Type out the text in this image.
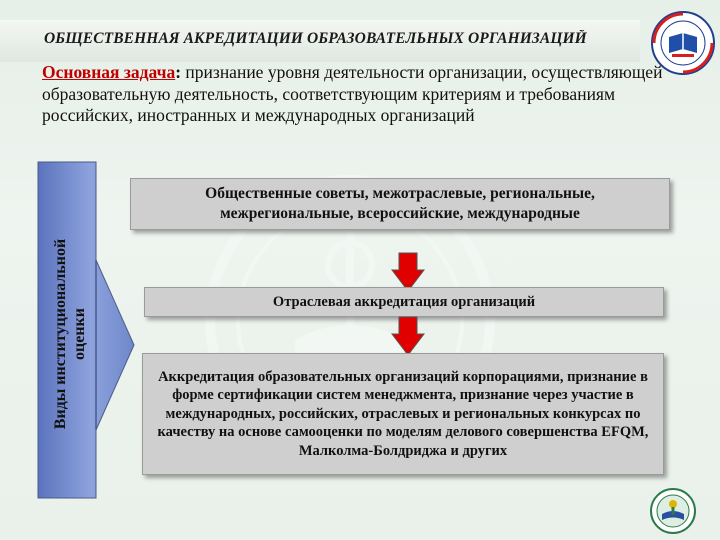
ОБЩЕСТВЕННАЯ АКРЕДИТАЦИИ ОБРАЗОВАТЕЛЬНЫХ ОРГАНИЗАЦИЙ
Основная задача: признание уровня деятельности организации, осуществляющей образовательную деятельность, соответствующим критериям и требованиям российских, иностранных и международных организаций
Виды институциональной оценки
Общественные советы, межотраслевые, региональные, межрегиональные, всероссийские, международные
Отраслевая аккредитация организаций
Аккредитация образовательных организаций корпорациями, признание в форме сертификации систем менеджмента, признание через участие в международных, российских, отраслевых и региональных конкурсах по качеству на основе самооценки по моделям делового совершенства EFQM, Малколма-Болдриджа и других
